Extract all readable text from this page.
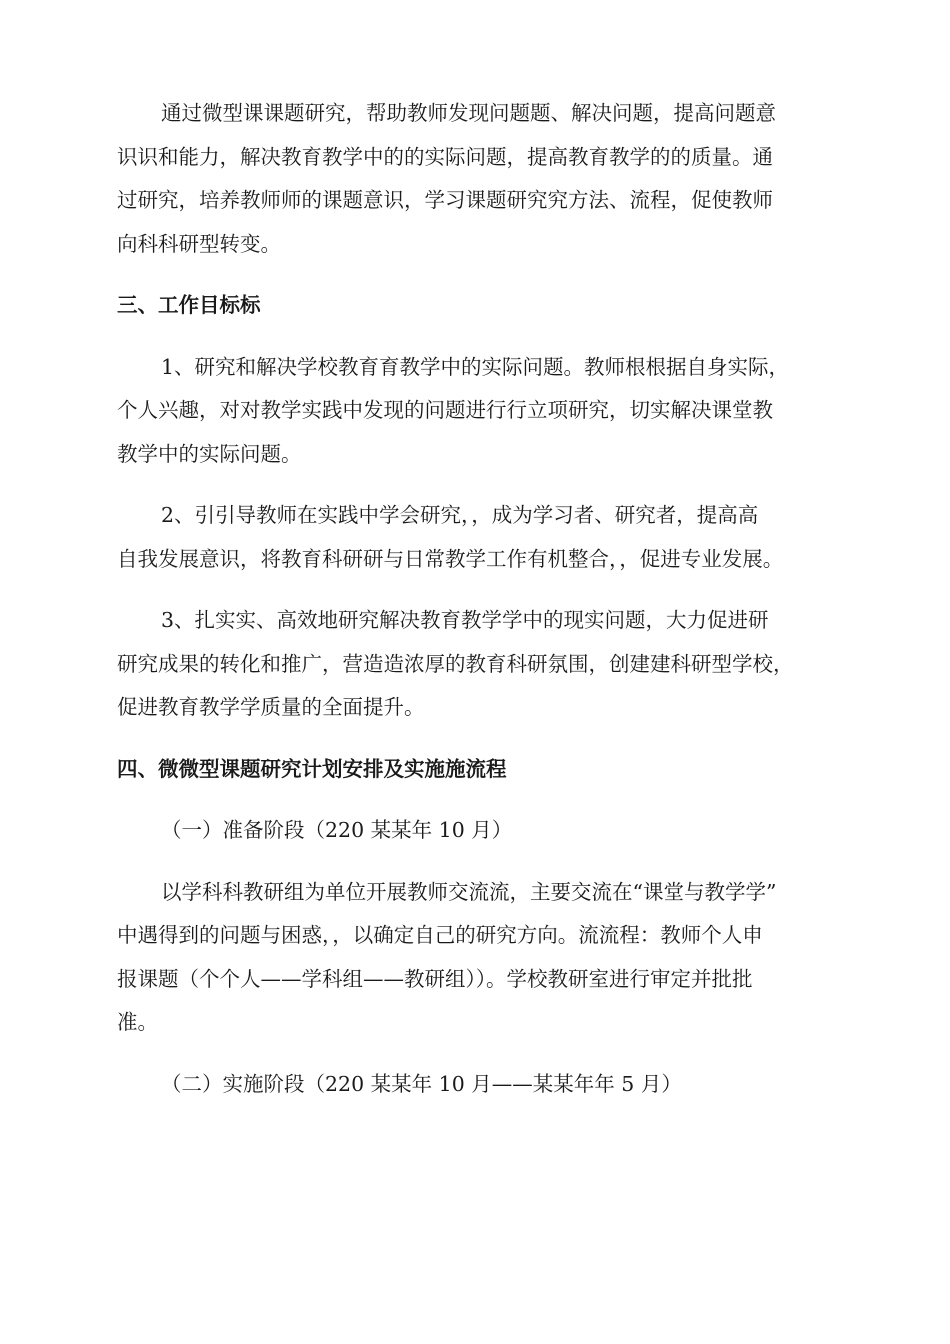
通过微型课课题研究，帮助教师发现问题题、解决问题，提高问题意
识识和能力，解决教育教学中的的实际问题，提高教育教学的的质量。通
过研究，培养教师师的课题意识，学习课题研究究方法、流程，促使教师
向科科研型转变。
三、工作目标标
1、研究和解决学校教育育教学中的实际问题。教师根根据自身实际，
个人兴趣，对对教学实践中发现的问题进行行立项研究，切实解决课堂教
教学中的实际问题。
2、引引导教师在实践中学会研究，，成为学习者、研究者，提高高
自我发展意识，将教育科研研与日常教学工作有机整合，，促进专业发展。
3、扎实实、高效地研究解决教育教学学中的现实问题，大力促进研
研究成果的转化和推广，营造造浓厚的教育科研氛围，创建建科研型学校，
促进教育教学学质量的全面提升。
四、微微型课题研究计划安排及实施施流程
（一）准备阶段（220 某某年 10 月）
以学科科教研组为单位开展教师交流流，主要交流在“课堂与教学学”
中遇得到的问题与困惑，，以确定自己的研究方向。流流程：教师个人申
报课题（个个人——学科组——教研组））。学校教研室进行审定并批批
准。
（二）实施阶段（220 某某年 10 月——某某年年 5 月）
